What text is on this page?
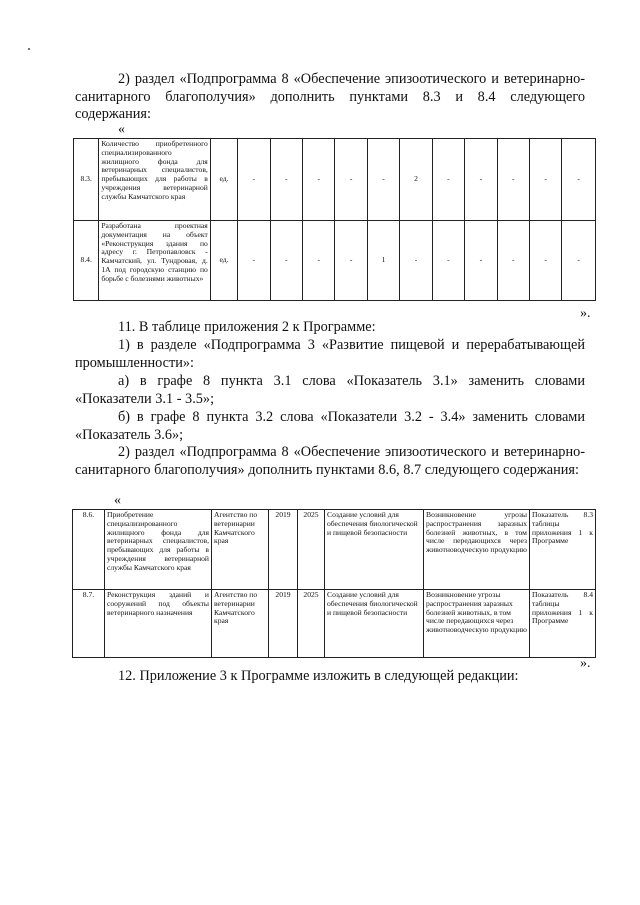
2) раздел «Подпрограмма 8 «Обеспечение эпизоотического и ветеринарно-санитарного благополучия» дополнить пунктами 8.3 и 8.4 следующего содержания:

«
8.3.	Количество приобретенного специализированного жилищного фонда для ветеринарных специалистов, пребывающих для работы в учреждения ветеринарной службы Камчатского края	ед.	-	-	-	-	-	2	-	-	-	-	-
8.4.	Разработана проектная документация на объект «Реконструкция здания по адресу г. Петропавловск - Камчатский, ул. Тундровая, д. 1А под городскую станцию по борьбе с болезнями животных»	ед.	-	-	-	-	1	-	-	-	-	-	-
».

11. В таблице приложения 2 к Программе:

1) в разделе «Подпрограмма 3 «Развитие пищевой и перерабатывающей промышленности»:

а) в графе 8 пункта 3.1 слова «Показатель 3.1» заменить словами «Показатели 3.1 - 3.5»;

б) в графе 8 пункта 3.2 слова «Показатели 3.2 - 3.4» заменить словами «Показатель 3.6»;

2) раздел «Подпрограмма 8 «Обеспечение эпизоотического и ветеринарно-санитарного благополучия» дополнить пунктами 8.6, 8.7 следующего содержания:

«
8.6.	Приобретение специализированного жилищного фонда для ветеринарных специалистов, пребывающих для работы в учреждения ветеринарной службы Камчатского края	Агентство по ветеринарии Камчатского края	2019	2025	Создание условий для обеспечения биологической и пищевой безопасности	Возникновение угрозы распространения заразных болезней животных, в том числе передающихся через животноводческую продукцию	Показатель 8.3 таблицы приложения 1 к Программе
8.7.	Реконструкция зданий и сооружений под объекты ветеринарного назначения	Агентство по ветеринарии Камчатского края	2019	2025	Создание условий для обеспечения биологической и пищевой безопасности	Возникновение угрозы распространения заразных болезней животных, в том числе передающихся через животноводческую продукцию	Показатель 8.4 таблицы приложения 1 к Программе
».

12. Приложение 3 к Программе изложить в следующей редакции:
